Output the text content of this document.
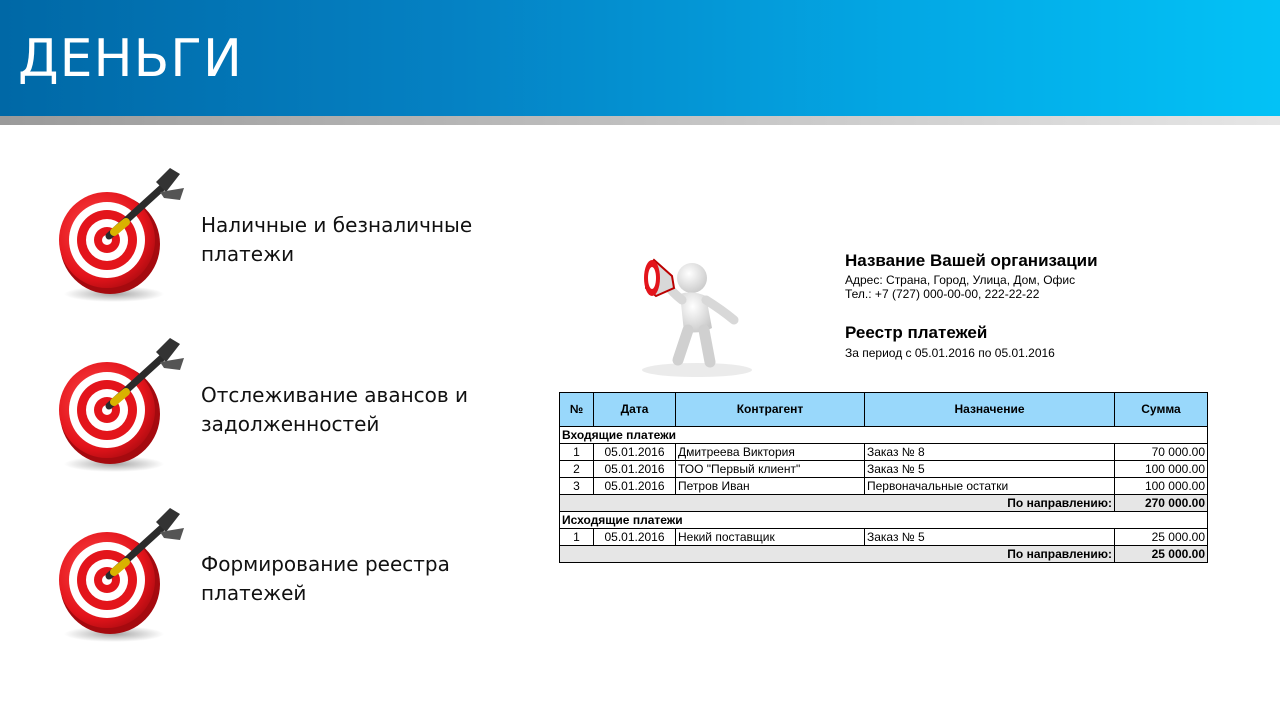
ДЕНЬГИ
Наличные и безналичные
платежи
Отслеживание авансов и
задолженностей
Формирование реестра
платежей
Название Вашей организации
Адрес: Страна, Город, Улица, Дом, Офис
Тел.: +7 (727) 000-00-00, 222-22-22
Реестр платежей
За период с 05.01.2016 по 05.01.2016
№	Дата	Контрагент	Назначение	Сумма
Входящие платежи				
1	05.01.2016	Дмитреева Виктория	Заказ № 8	70 000.00
2	05.01.2016	ТОО "Первый клиент"	Заказ № 5	100 000.00
3	05.01.2016	Петров Иван	Первоначальные остатки	100 000.00
По направлению:				270 000.00
Исходящие платежи				
1	05.01.2016	Некий поставщик	Заказ № 5	25 000.00
По направлению:				25 000.00
